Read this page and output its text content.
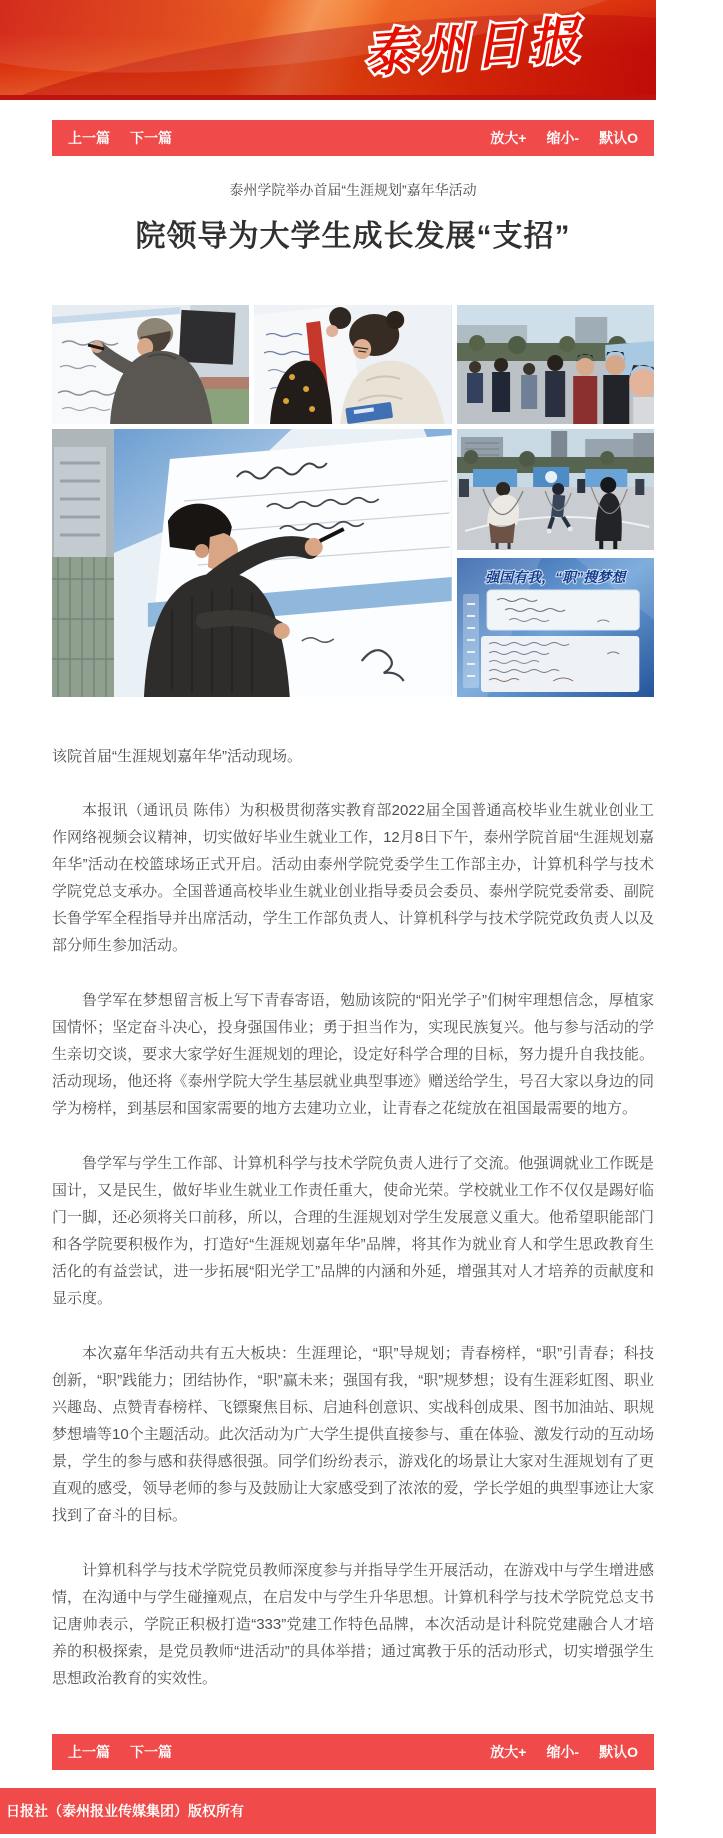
泰州日报
上一篇 下一篇	放大+ 缩小- 默认O
泰州学院举办首届“生涯规划”嘉年华活动
院领导为大学生成长发展“支招”
强国有我，“职”搜梦想
该院首届“生涯规划嘉年华”活动现场。

本报讯（通讯员 陈伟）为积极贯彻落实教育部2022届全国普通高校毕业生就业创业工作网络视频会议精神，切实做好毕业生就业工作，12月8日下午，泰州学院首届“生涯规划嘉年华”活动在校篮球场正式开启。活动由泰州学院党委学生工作部主办，计算机科学与技术学院党总支承办。全国普通高校毕业生就业创业指导委员会委员、泰州学院党委常委、副院长鲁学军全程指导并出席活动，学生工作部负责人、计算机科学与技术学院党政负责人以及部分师生参加活动。

鲁学军在梦想留言板上写下青春寄语，勉励该院的“阳光学子”们树牢理想信念，厚植家国情怀；坚定奋斗决心，投身强国伟业；勇于担当作为，实现民族复兴。他与参与活动的学生亲切交谈，要求大家学好生涯规划的理论，设定好科学合理的目标，努力提升自我技能。活动现场，他还将《泰州学院大学生基层就业典型事迹》赠送给学生，号召大家以身边的同学为榜样，到基层和国家需要的地方去建功立业，让青春之花绽放在祖国最需要的地方。

鲁学军与学生工作部、计算机科学与技术学院负责人进行了交流。他强调就业工作既是国计，又是民生，做好毕业生就业工作责任重大，使命光荣。学校就业工作不仅仅是踢好临门一脚，还必须将关口前移，所以，合理的生涯规划对学生发展意义重大。他希望职能部门和各学院要积极作为，打造好“生涯规划嘉年华”品牌，将其作为就业育人和学生思政教育生活化的有益尝试，进一步拓展“阳光学工”品牌的内涵和外延，增强其对人才培养的贡献度和显示度。

本次嘉年华活动共有五大板块：生涯理论，“职”导规划；青春榜样，“职”引青春；科技创新，“职”践能力；团结协作，“职”赢未来；强国有我，“职”规梦想；设有生涯彩虹图、职业兴趣岛、点赞青春榜样、飞镖聚焦目标、启迪科创意识、实战科创成果、图书加油站、职规梦想墙等10个主题活动。此次活动为广大学生提供直接参与、重在体验、激发行动的互动场景，学生的参与感和获得感很强。同学们纷纷表示，游戏化的场景让大家对生涯规划有了更直观的感受，领导老师的参与及鼓励让大家感受到了浓浓的爱，学长学姐的典型事迹让大家找到了奋斗的目标。

计算机科学与技术学院党员教师深度参与并指导学生开展活动，在游戏中与学生增进感情，在沟通中与学生碰撞观点，在启发中与学生升华思想。计算机科学与技术学院党总支书记唐帅表示，学院正积极打造“333”党建工作特色品牌，本次活动是计科院党建融合人才培养的积极探索，是党员教师“进活动”的具体举措；通过寓教于乐的活动形式，切实增强学生思想政治教育的实效性。

上一篇 下一篇	放大+ 缩小- 默认O
日报社（泰州报业传媒集团）版权所有
